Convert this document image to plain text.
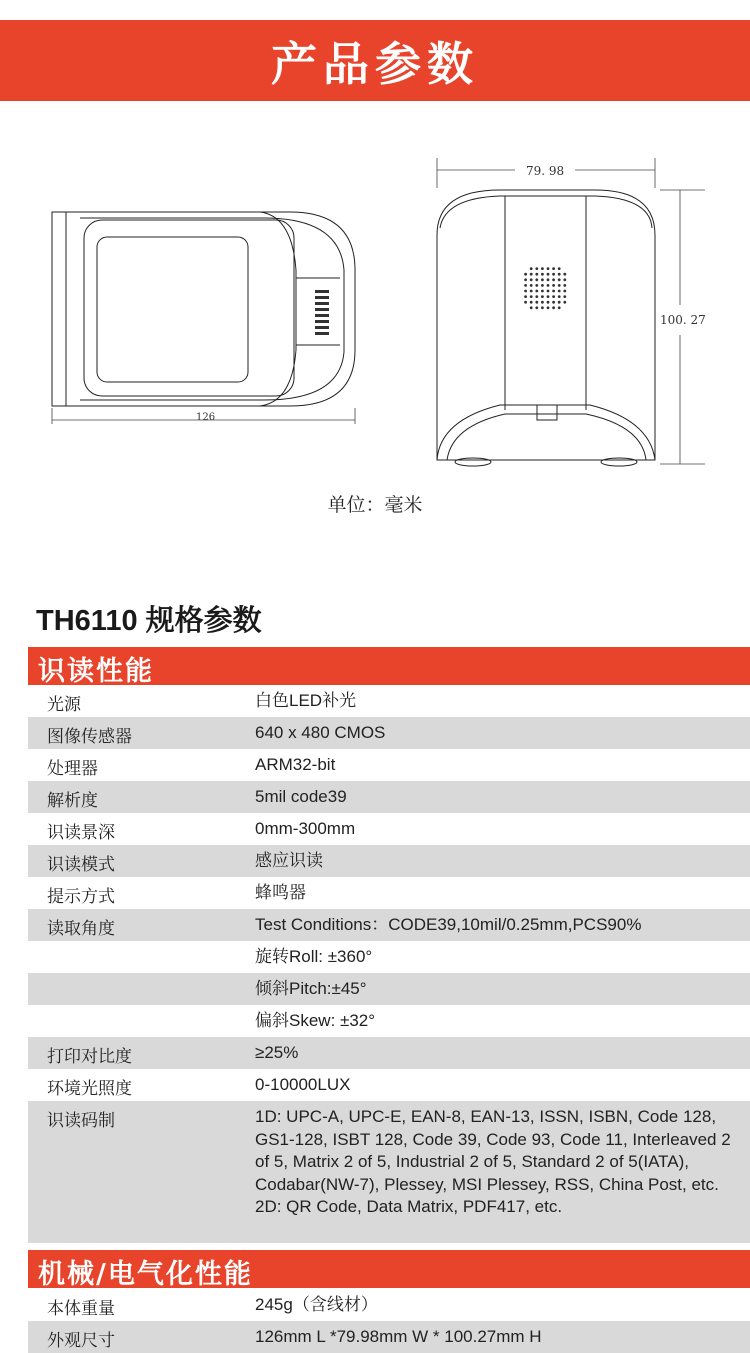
产品参数
126
79. 98
100. 27
单位：毫米
TH6110 规格参数
识读性能
光源	白色LED补光
图像传感器	640 x 480 CMOS
处理器	ARM32-bit
解析度	5mil code39
识读景深	0mm-300mm
识读模式	感应识读
提示方式	蜂鸣器
读取角度	Test Conditions：CODE39,10mil/0.25mm,PCS90%
旋转Roll: ±360°
倾斜Pitch:±45°
偏斜Skew: ±32°
打印对比度	≥25%
环境光照度	0-10000LUX
识读码制	1D: UPC-A, UPC-E, EAN-8, EAN-13, ISSN, ISBN, Code 128, GS1-128, ISBT 128, Code 39, Code 93, Code 11, Interleaved 2 of 5, Matrix 2 of 5, Industrial 2 of 5, Standard 2 of 5(IATA), Codabar(NW-7), Plessey, MSI Plessey, RSS, China Post, etc.
2D: QR Code, Data Matrix, PDF417, etc.
机械/电气化性能
本体重量	245g（含线材）
外观尺寸	126mm L *79.98mm W * 100.27mm H
